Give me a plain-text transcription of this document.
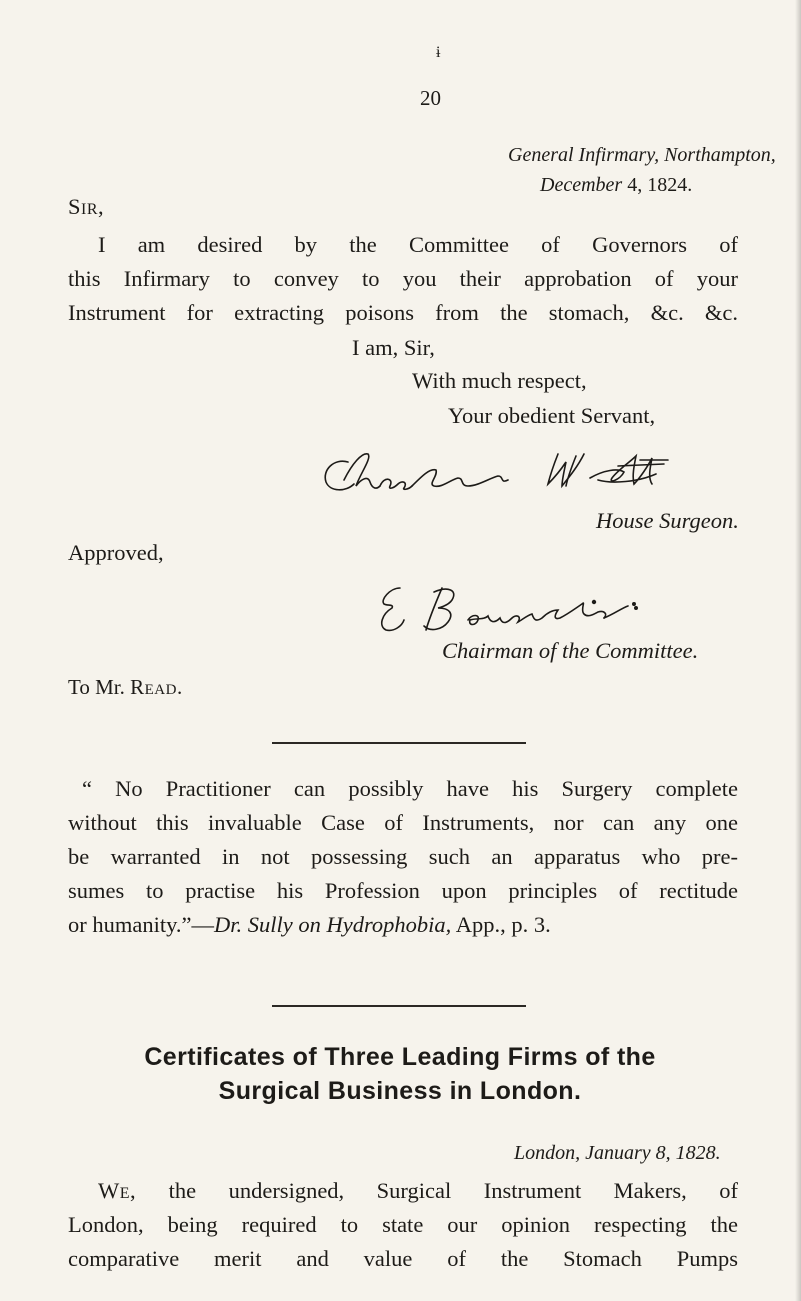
ɨ
20
General Infirmary, Northampton,
December 4, 1824.
Sir,
I am desired by the Committee of Governors of
this Infirmary to convey to you their approbation of your
Instrument for extracting poisons from the stomach, &c. &c.
I am, Sir,
With much respect,
Your obedient Servant,
House Surgeon.
Approved,
Chairman of the Committee.
To Mr. Read.
“ No Practitioner can possibly have his Surgery complete
without this invaluable Case of Instruments, nor can any one
be warranted in not possessing such an apparatus who pre-
sumes to practise his Profession upon principles of rectitude
or humanity.”—Dr. Sully on Hydrophobia, App., p. 3.
Certificates of Three Leading Firms of the
Surgical Business in London.
London, January 8, 1828.
We, the undersigned, Surgical Instrument Makers, of
London, being required to state our opinion respecting the
comparative merit and value of the Stomach Pumps
